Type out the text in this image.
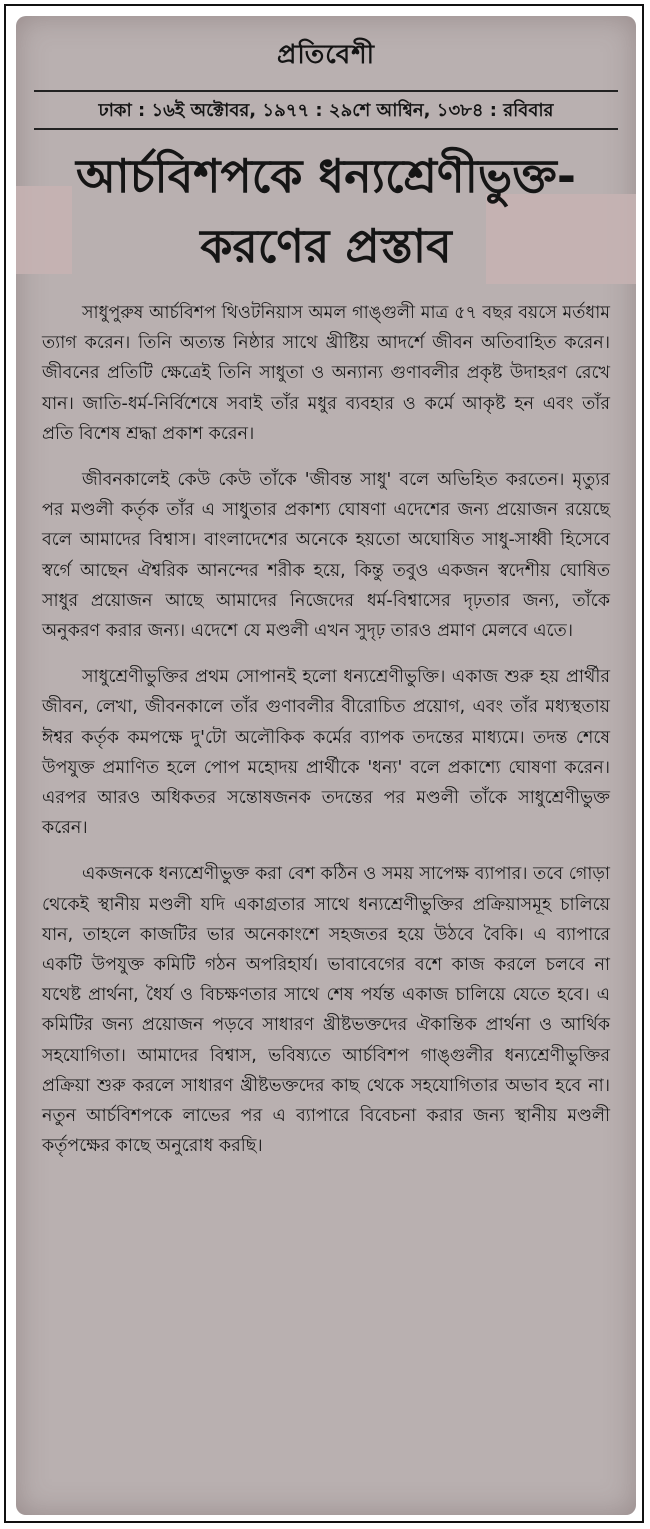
প্রতিবেশী
ঢাকা : ১৬ই অক্টোবর, ১৯৭৭ : ২৯শে আশ্বিন, ১৩৮৪ : রবিবার
আর্চবিশপকে ধন্যশ্রেণীভুক্ত-
করণের প্রস্তাব

সাধুপুরুষ আর্চবিশপ থিওটনিয়াস অমল গাঙ্গুলী মাত্র ৫৭ বছর বয়সে মর্তধাম ত্যাগ করেন। তিনি অত্যন্ত নিষ্ঠার সাথে খ্রীষ্টিয় আদর্শে জীবন অতিবাহিত করেন। জীবনের প্রতিটি ক্ষেত্রেই তিনি সাধুতা ও অন্যান্য গুণাবলীর প্রকৃষ্ট উদাহরণ রেখে যান। জাতি-ধর্ম-নির্বিশেষে সবাই তাঁর মধুর ব্যবহার ও কর্মে আকৃষ্ট হন এবং তাঁর প্রতি বিশেষ শ্রদ্ধা প্রকাশ করেন।

জীবনকালেই কেউ কেউ তাঁকে 'জীবন্ত সাধু' বলে অভিহিত করতেন। মৃত্যুর পর মণ্ডলী কর্তৃক তাঁর এ সাধুতার প্রকাশ্য ঘোষণা এদেশের জন্য প্রয়োজন রয়েছে বলে আমাদের বিশ্বাস। বাংলাদেশের অনেকে হয়তো অঘোষিত সাধু-সাধ্বী হিসেবে স্বর্গে আছেন ঐশ্বরিক আনন্দের শরীক হয়ে, কিন্তু তবুও একজন স্বদেশীয় ঘোষিত সাধুর প্রয়োজন আছে আমাদের নিজেদের ধর্ম-বিশ্বাসের দৃঢ়তার জন্য, তাঁকে অনুকরণ করার জন্য। এদেশে যে মণ্ডলী এখন সুদৃঢ় তারও প্রমাণ মেলবে এতে।

সাধুশ্রেণীভুক্তির প্রথম সোপানই হলো ধন্যশ্রেণীভুক্তি। একাজ শুরু হয় প্রার্থীর জীবন, লেখা, জীবনকালে তাঁর গুণাবলীর বীরোচিত প্রয়োগ, এবং তাঁর মধ্যস্থতায় ঈশ্বর কর্তৃক কমপক্ষে দু'টো অলৌকিক কর্মের ব্যাপক তদন্তের মাধ্যমে। তদন্ত শেষে উপযুক্ত প্রমাণিত হলে পোপ মহোদয় প্রার্থীকে 'ধন্য' বলে প্রকাশ্যে ঘোষণা করেন। এরপর আরও অধিকতর সন্তোষজনক তদন্তের পর মণ্ডলী তাঁকে সাধুশ্রেণীভুক্ত করেন।

একজনকে ধন্যশ্রেণীভুক্ত করা বেশ কঠিন ও সময় সাপেক্ষ ব্যাপার। তবে গোড়া থেকেই স্থানীয় মণ্ডলী যদি একাগ্রতার সাথে ধন্যশ্রেণীভুক্তির প্রক্রিয়াসমূহ চালিয়ে যান, তাহলে কাজটির ভার অনেকাংশে সহজতর হয়ে উঠবে বৈকি। এ ব্যাপারে একটি উপযুক্ত কমিটি গঠন অপরিহার্য। ভাবাবেগের বশে কাজ করলে চলবে না যথেষ্ট প্রার্থনা, ধৈর্য ও বিচক্ষণতার সাথে শেষ পর্যন্ত একাজ চালিয়ে যেতে হবে। এ কমিটির জন্য প্রয়োজন পড়বে সাধারণ খ্রীষ্টভক্তদের ঐকান্তিক প্রার্থনা ও আর্থিক সহযোগিতা। আমাদের বিশ্বাস, ভবিষ্যতে আর্চবিশপ গাঙ্গুলীর ধন্যশ্রেণীভুক্তির প্রক্রিয়া শুরু করলে সাধারণ খ্রীষ্টভক্তদের কাছ থেকে সহযোগিতার অভাব হবে না। নতুন আর্চবিশপকে লাভের পর এ ব্যাপারে বিবেচনা করার জন্য স্থানীয় মণ্ডলী কর্তৃপক্ষের কাছে অনুরোধ করছি।
